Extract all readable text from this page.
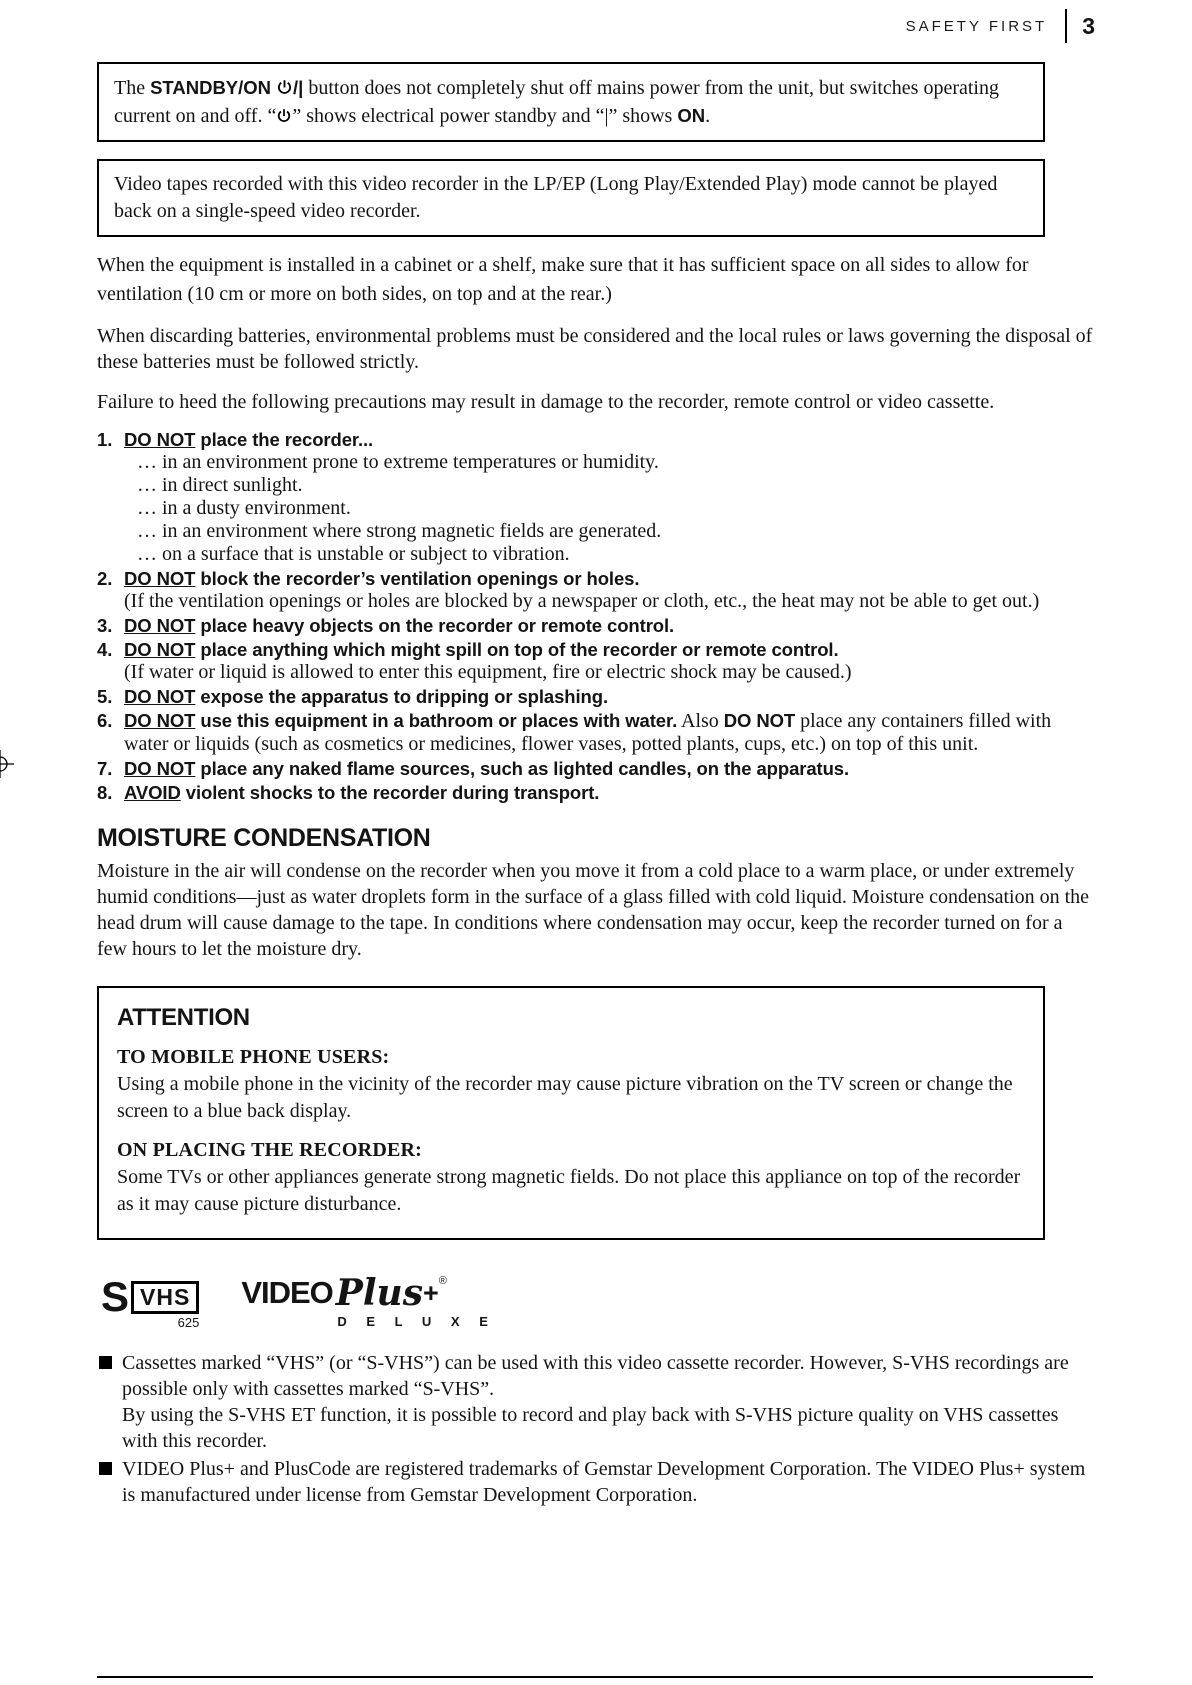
SAFETY FIRST 3

The STANDBY/ON /| button does not completely shut off mains power from the unit, but switches operating current on and off. “ ” shows electrical power standby and “|” shows ON.

Video tapes recorded with this video recorder in the LP/EP (Long Play/Extended Play) mode cannot be played back on a single-speed video recorder.

When the equipment is installed in a cabinet or a shelf, make sure that it has sufficient space on all sides to allow for ventilation (10 cm or more on both sides, on top and at the rear.)

When discarding batteries, environmental problems must be considered and the local rules or laws governing the disposal of these batteries must be followed strictly.

Failure to heed the following precautions may result in damage to the recorder, remote control or video cassette.

1. DO NOT place the recorder...
… in an environment prone to extreme temperatures or humidity.
… in direct sunlight.
… in a dusty environment.
… in an environment where strong magnetic fields are generated.
… on a surface that is unstable or subject to vibration.
2. DO NOT block the recorder’s ventilation openings or holes.
(If the ventilation openings or holes are blocked by a newspaper or cloth, etc., the heat may not be able to get out.)
3. DO NOT place heavy objects on the recorder or remote control.
4. DO NOT place anything which might spill on top of the recorder or remote control.
(If water or liquid is allowed to enter this equipment, fire or electric shock may be caused.)
5. DO NOT expose the apparatus to dripping or splashing.
6. DO NOT use this equipment in a bathroom or places with water. Also DO NOT place any containers filled with water or liquids (such as cosmetics or medicines, flower vases, potted plants, cups, etc.) on top of this unit.
7. DO NOT place any naked flame sources, such as lighted candles, on the apparatus.
8. AVOID violent shocks to the recorder during transport.
MOISTURE CONDENSATION

Moisture in the air will condense on the recorder when you move it from a cold place to a warm place, or under extremely humid conditions—just as water droplets form in the surface of a glass filled with cold liquid. Moisture condensation on the head drum will cause damage to the tape. In conditions where condensation may occur, keep the recorder turned on for a few hours to let the moisture dry.

ATTENTION
TO MOBILE PHONE USERS:

Using a mobile phone in the vicinity of the recorder may cause picture vibration on the TV screen or change the screen to a blue back display.

ON PLACING THE RECORDER:

Some TVs or other appliances generate strong magnetic fields. Do not place this appliance on top of the recorder as it may cause picture disturbance.

S VHS
625
VIDEO Plus + ®
D E L U X E
Cassettes marked “VHS” (or “S-VHS”) can be used with this video cassette recorder. However, S-VHS recordings are possible only with cassettes marked “S-VHS”.
By using the S-VHS ET function, it is possible to record and play back with S-VHS picture quality on VHS cassettes with this recorder.
VIDEO Plus+ and PlusCode are registered trademarks of Gemstar Development Corporation. The VIDEO Plus+ system is manufactured under license from Gemstar Development Corporation.
